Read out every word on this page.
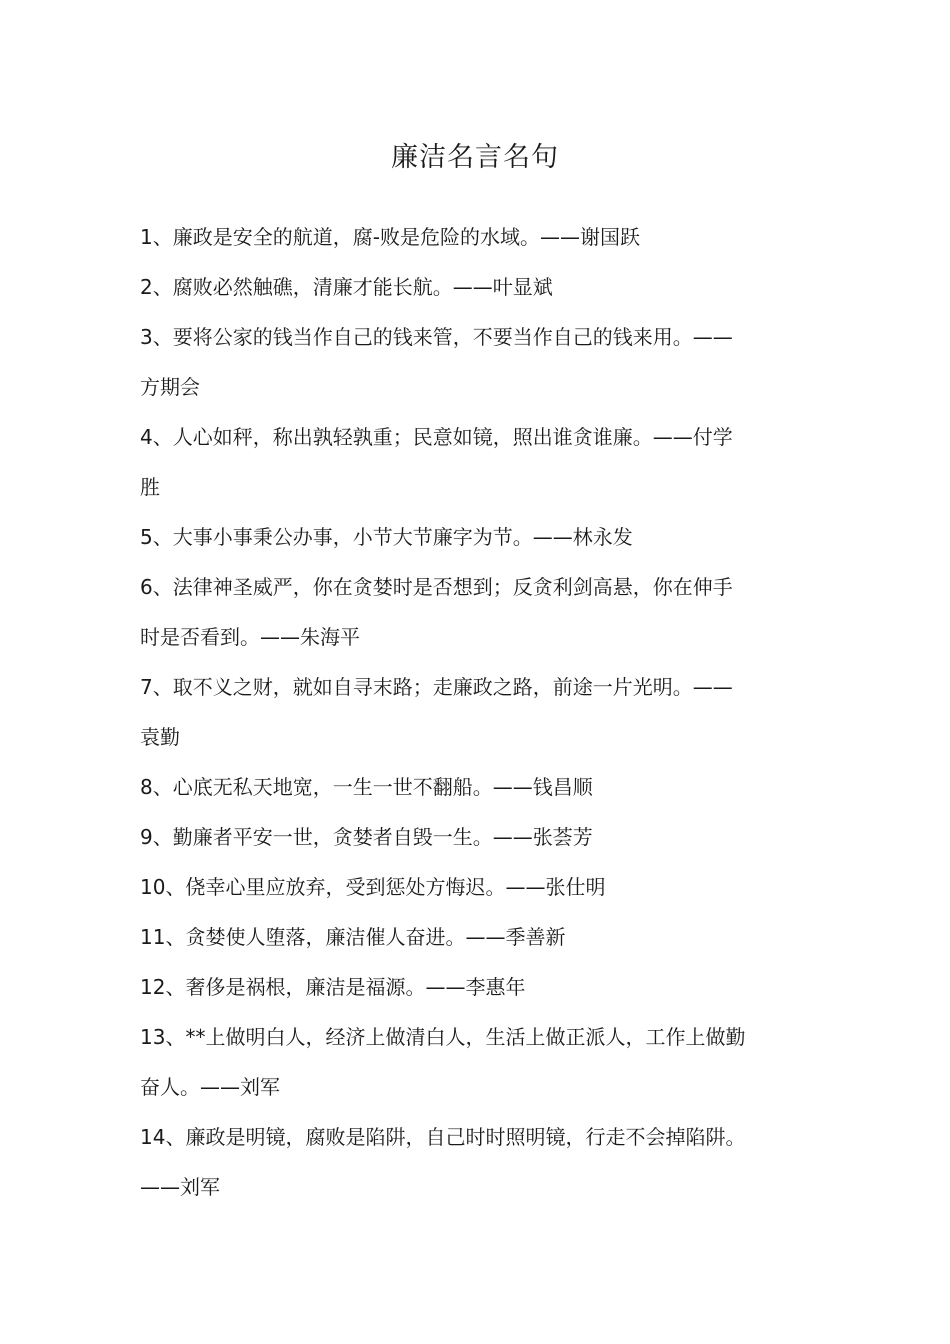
廉洁名言名句
1、廉政是安全的航道，腐-败是危险的水域。——谢国跃
2、腐败必然触礁，清廉才能长航。——叶显斌
3、要将公家的钱当作自己的钱来管，不要当作自己的钱来用。——
方期会
4、人心如秤，称出孰轻孰重；民意如镜，照出谁贪谁廉。——付学
胜
5、大事小事秉公办事，小节大节廉字为节。——林永发
6、法律神圣威严，你在贪婪时是否想到；反贪利剑高悬，你在伸手
时是否看到。——朱海平
7、取不义之财，就如自寻末路；走廉政之路，前途一片光明。——
袁勤
8、心底无私天地宽，一生一世不翻船。——钱昌顺
9、勤廉者平安一世，贪婪者自毁一生。——张荟芳
10、侥幸心里应放弃，受到惩处方悔迟。——张仕明
11、贪婪使人堕落，廉洁催人奋进。——季善新
12、奢侈是祸根，廉洁是福源。——李惠年
13、**上做明白人，经济上做清白人，生活上做正派人，工作上做勤
奋人。——刘军
14、廉政是明镜，腐败是陷阱，自己时时照明镜，行走不会掉陷阱。
——刘军
